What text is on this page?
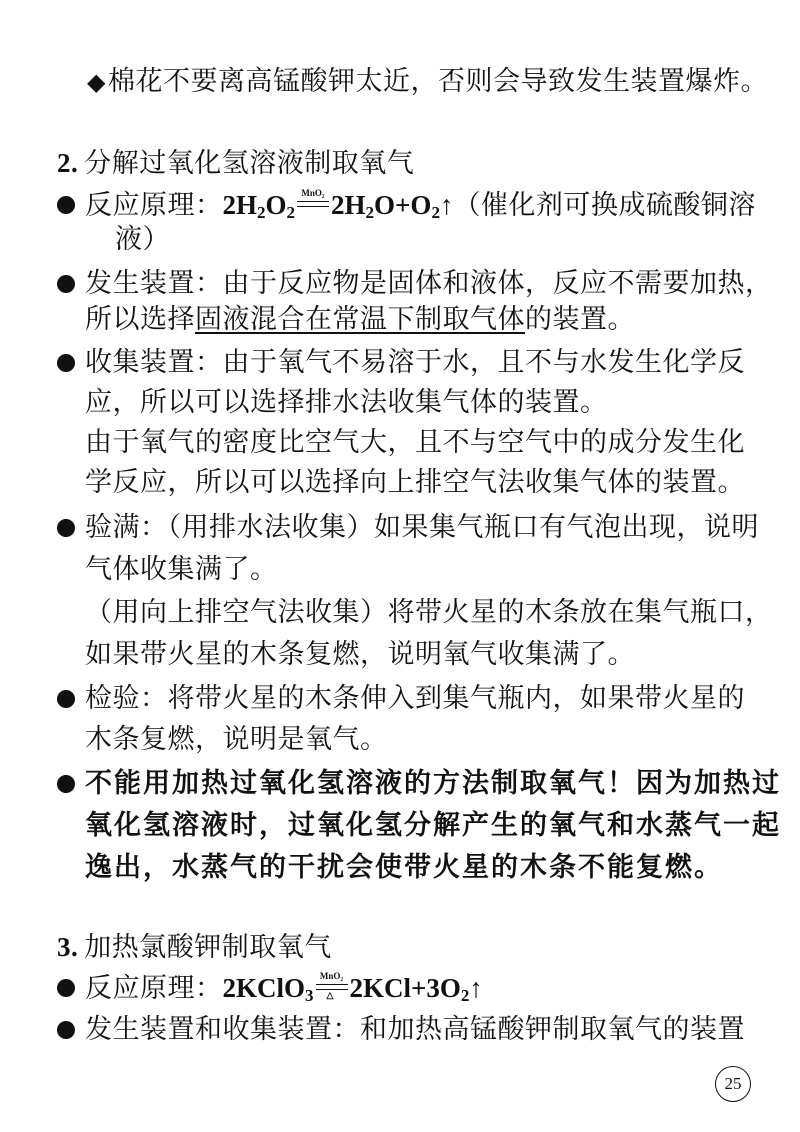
◆棉花不要离高锰酸钾太近，否则会导致发生装置爆炸。
2. 分解过氧化氢溶液制取氧气
反应原理：$2H_2O_2$
MnO₂ $2H_2O+O_2↑$（催化剂可换成硫酸铜溶
液）
发生装置：由于反应物是固体和液体，反应不需要加热，
所以选择固液混合在常温下制取气体的装置。
收集装置：由于氧气不易溶于水，且不与水发生化学反
应，所以可以选择排水法收集气体的装置。
由于氧气的密度比空气大，且不与空气中的成分发生化
学反应，所以可以选择向上排空气法收集气体的装置。
验满：（用排水法收集）如果集气瓶口有气泡出现，说明
气体收集满了。
（用向上排空气法收集）将带火星的木条放在集气瓶口，
如果带火星的木条复燃，说明氧气收集满了。
检验：将带火星的木条伸入到集气瓶内，如果带火星的
木条复燃，说明是氧气。
不能用加热过氧化氢溶液的方法制取氧气！因为加热过
氧化氢溶液时，过氧化氢分解产生的氧气和水蒸气一起
逸出，水蒸气的干扰会使带火星的木条不能复燃。
3. 加热氯酸钾制取氧气
反应原理：2KClO$_3$
MnO₂
△ $2KCl+3O_2↑$
发生装置和收集装置：和加热高锰酸钾制取氧气的装置
25
